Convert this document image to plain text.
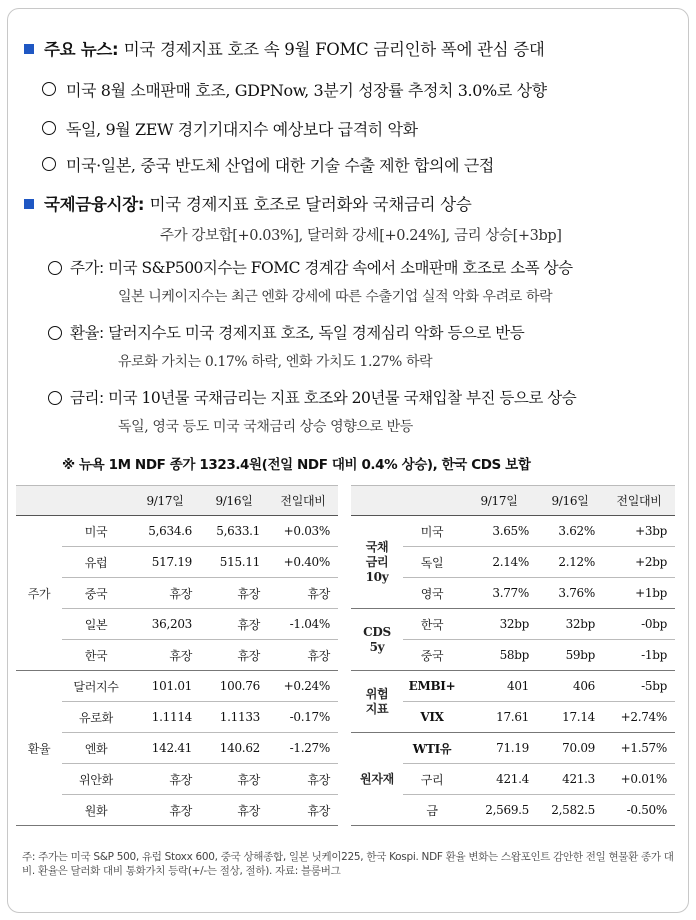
주요 뉴스: 미국 경제지표 호조 속 9월 FOMC 금리인하 폭에 관심 증대
미국 8월 소매판매 호조, GDPNow, 3분기 성장률 추정치 3.0%로 상향
독일, 9월 ZEW 경기기대지수 예상보다 급격히 악화
미국·일본, 중국 반도체 산업에 대한 기술 수출 제한 합의에 근접
국제금융시장: 미국 경제지표 호조로 달러화와 국채금리 상승
주가 강보합[+0.03%], 달러화 강세[+0.24%], 금리 상승[+3bp]
주가: 미국 S&P500지수는 FOMC 경계감 속에서 소매판매 호조로 소폭 상승
일본 니케이지수는 최근 엔화 강세에 따른 수출기업 실적 악화 우려로 하락
환율: 달러지수도 미국 경제지표 호조, 독일 경제심리 악화 등으로 반등
유로화 가치는 0.17% 하락, 엔화 가치도 1.27% 하락
금리: 미국 10년물 국채금리는 지표 호조와 20년물 국채입찰 부진 등으로 상승
독일, 영국 등도 미국 국채금리 상승 영향으로 반등
※ 뉴욕 1M NDF 종가 1323.4원(전일 NDF 대비 0.4% 상승), 한국 CDS 보합
		9/17일	9/16일	전일대비
주가	미국	5,634.6	5,633.1	+0.03%
	유럽	517.19	515.11	+0.40%
	중국	휴장	휴장	휴장
	일본	36,203	휴장	-1.04%
	한국	휴장	휴장	휴장
환율	달러지수	101.01	100.76	+0.24%
	유로화	1.1114	1.1133	-0.17%
	엔화	142.41	140.62	-1.27%
	위안화	휴장	휴장	휴장
	원화	휴장	휴장	휴장
		9/17일	9/16일	전일대비
국채
금리
10y	미국	3.65%	3.62%	+3bp
	독일	2.14%	2.12%	+2bp
	영국	3.77%	3.76%	+1bp
CDS
5y	한국	32bp	32bp	-0bp
	중국	58bp	59bp	-1bp
위험
지표	EMBI+	401	406	-5bp
	VIX	17.61	17.14	+2.74%
원자재	WTI유	71.19	70.09	+1.57%
	구리	421.4	421.3	+0.01%
	금	2,569.5	2,582.5	-0.50%
주: 주가는 미국 S&P 500, 유럽 Stoxx 600, 중국 상해종합, 일본 닛케이225, 한국 Kospi. NDF 환율 변화는 스왑포인트 감안한 전일 현물환 종가 대비. 환율은 달러화 대비 통화가치 등락(+/-는 절상, 절하). 자료: 블룸버그
